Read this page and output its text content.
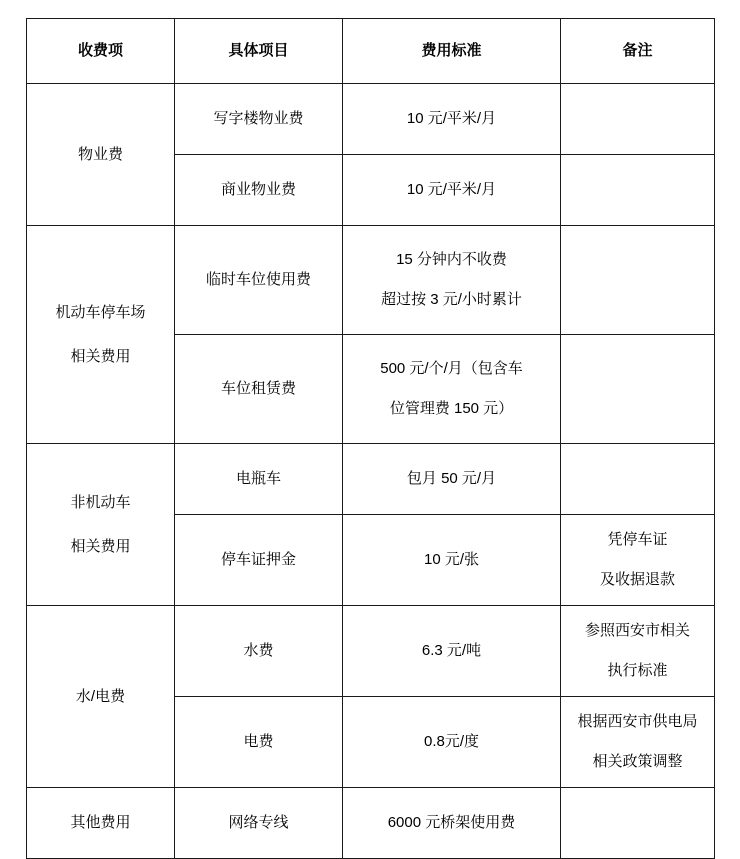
收费项	具体项目	费用标准	备注
物业费	写字楼物业费	10 元/平米/月	

	商业物业费	10 元/平米/月	

机动车停车场
相关费用	临时车位使用费	15 分钟内不收费
超过按 3 元/小时累计	

	车位租赁费	500 元/个/月（包含车
位管理费 150 元）	

非机动车
相关费用	电瓶车	包月 50 元/月	

	停车证押金	10 元/张	凭停车证
及收据退款

水/电费	水费	6.3 元/吨	参照西安市相关
执行标准

	电费	0.8元/度	根据西安市供电局
相关政策调整

其他费用	网络专线	6000 元桥架使用费	
